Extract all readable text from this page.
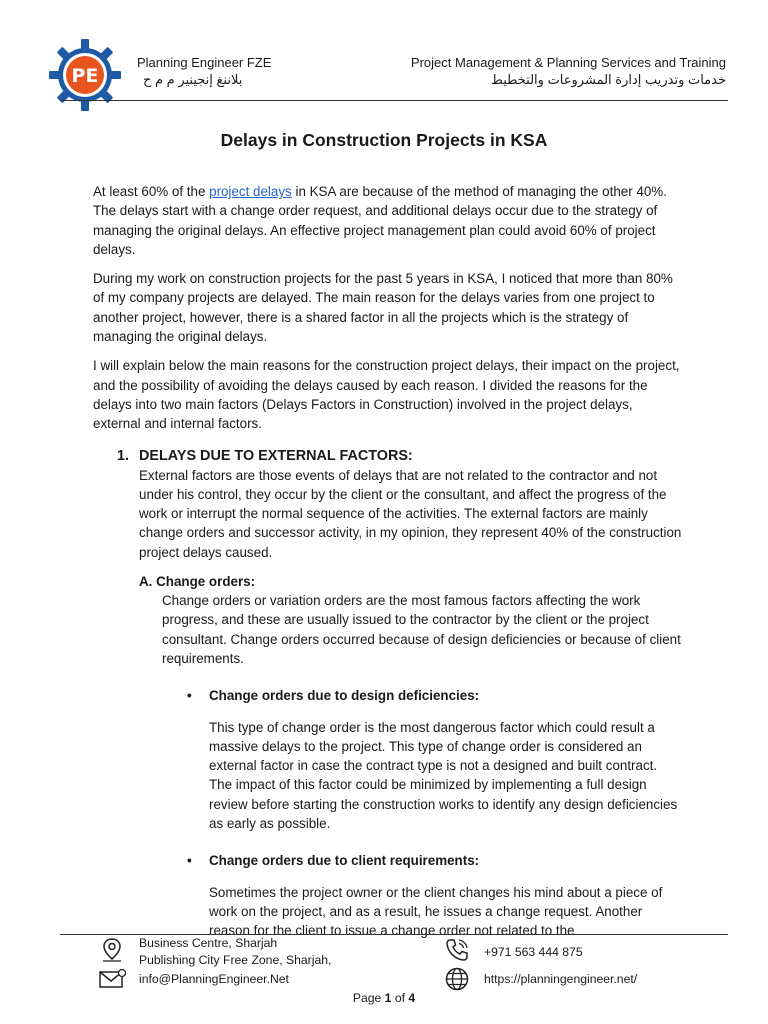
PE
Planning Engineer FZE
بلاننغ إنجينير م م ح
Project Management & Planning Services and Training
خدمات وتدريب إدارة المشروعات والتخطيط
Delays in Construction Projects in KSA

At least 60% of the project delays in KSA are because of the method of managing the other 40%. The delays start with a change order request, and additional delays occur due to the strategy of managing the original delays. An effective project management plan could avoid 60% of project delays.

During my work on construction projects for the past 5 years in KSA, I noticed that more than 80% of my company projects are delayed. The main reason for the delays varies from one project to another project, however, there is a shared factor in all the projects which is the strategy of managing the original delays.

I will explain below the main reasons for the construction project delays, their impact on the project, and the possibility of avoiding the delays caused by each reason. I divided the reasons for the delays into two main factors (Delays Factors in Construction) involved in the project delays, external and internal factors.

1. DELAYS DUE TO EXTERNAL FACTORS:
External factors are those events of delays that are not related to the contractor and not under his control, they occur by the client or the consultant, and affect the progress of the work or interrupt the normal sequence of the activities. The external factors are mainly change orders and successor activity, in my opinion, they represent 40% of the construction project delays caused.
A. Change orders:
Change orders or variation orders are the most famous factors affecting the work progress, and these are usually issued to the contractor by the client or the project consultant. Change orders occurred because of design deficiencies or because of client requirements.
• Change orders due to design deficiencies:
This type of change order is the most dangerous factor which could result a massive delays to the project. This type of change order is considered an external factor in case the contract type is not a designed and built contract. The impact of this factor could be minimized by implementing a full design review before starting the construction works to identify any design deficiencies as early as possible.
• Change orders due to client requirements:
Sometimes the project owner or the client changes his mind about a piece of work on the project, and as a result, he issues a change request. Another reason for the client to issue a change order not related to the
Business Centre, Sharjah
Publishing City Free Zone, Sharjah,
info@PlanningEngineer.Net
+971 563 444 875
https://planningengineer.net/
Page 1 of 4
